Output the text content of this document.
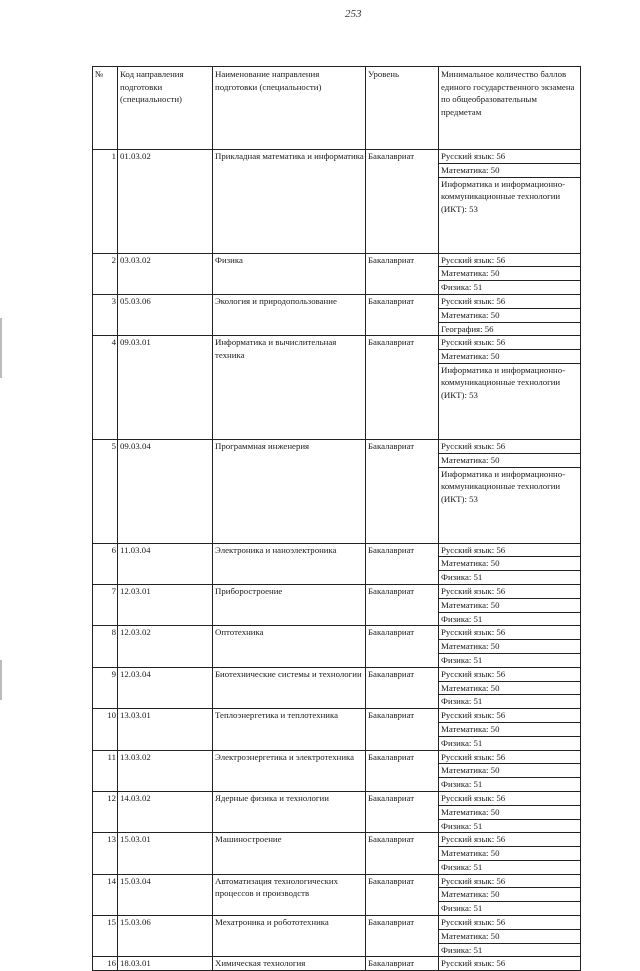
253
№	Код направления подготовки (специальности)	Наименование направления подготовки (специальности)	Уровень	Минимальное количество баллов единого государственного экзамена по общеобразовательным предметам
1	01.03.02	Прикладная математика и информатика	Бакалавриат	Русский язык: 56
				Математика: 50
				Информатика и информационно-коммуникационные технологии (ИКТ): 53
2	03.03.02	Физика	Бакалавриат	Русский язык: 56
				Математика: 50
				Физика: 51
3	05.03.06	Экология и природопользование	Бакалавриат	Русский язык: 56
				Математика: 50
				География: 56
4	09.03.01	Информатика и вычислительная техника	Бакалавриат	Русский язык: 56
				Математика: 50
				Информатика и информационно-коммуникационные технологии (ИКТ): 53
5	09.03.04	Программная инженерия	Бакалавриат	Русский язык: 56
				Математика: 50
				Информатика и информационно-коммуникационные технологии (ИКТ): 53
6	11.03.04	Электроника и наноэлектроника	Бакалавриат	Русский язык: 56
				Математика: 50
				Физика: 51
7	12.03.01	Приборостроение	Бакалавриат	Русский язык: 56
				Математика: 50
				Физика: 51
8	12.03.02	Оптотехника	Бакалавриат	Русский язык: 56
				Математика: 50
				Физика: 51
9	12.03.04	Биотехнические системы и технологии	Бакалавриат	Русский язык: 56
				Математика: 50
				Физика: 51
10	13.03.01	Теплоэнергетика и теплотехника	Бакалавриат	Русский язык: 56
				Математика: 50
				Физика: 51
11	13.03.02	Электроэнергетика и электротехника	Бакалавриат	Русский язык: 56
				Математика: 50
				Физика: 51
12	14.03.02	Ядерные физика и технологии	Бакалавриат	Русский язык: 56
				Математика: 50
				Физика: 51
13	15.03.01	Машиностроение	Бакалавриат	Русский язык: 56
				Математика: 50
				Физика: 51
14	15.03.04	Автоматизация технологических процессов и производств	Бакалавриат	Русский язык: 56
				Математика: 50
				Физика: 51
15	15.03.06	Мехатроника и робототехника	Бакалавриат	Русский язык: 56
				Математика: 50
				Физика: 51
16	18.03.01	Химическая технология	Бакалавриат	Русский язык: 56
